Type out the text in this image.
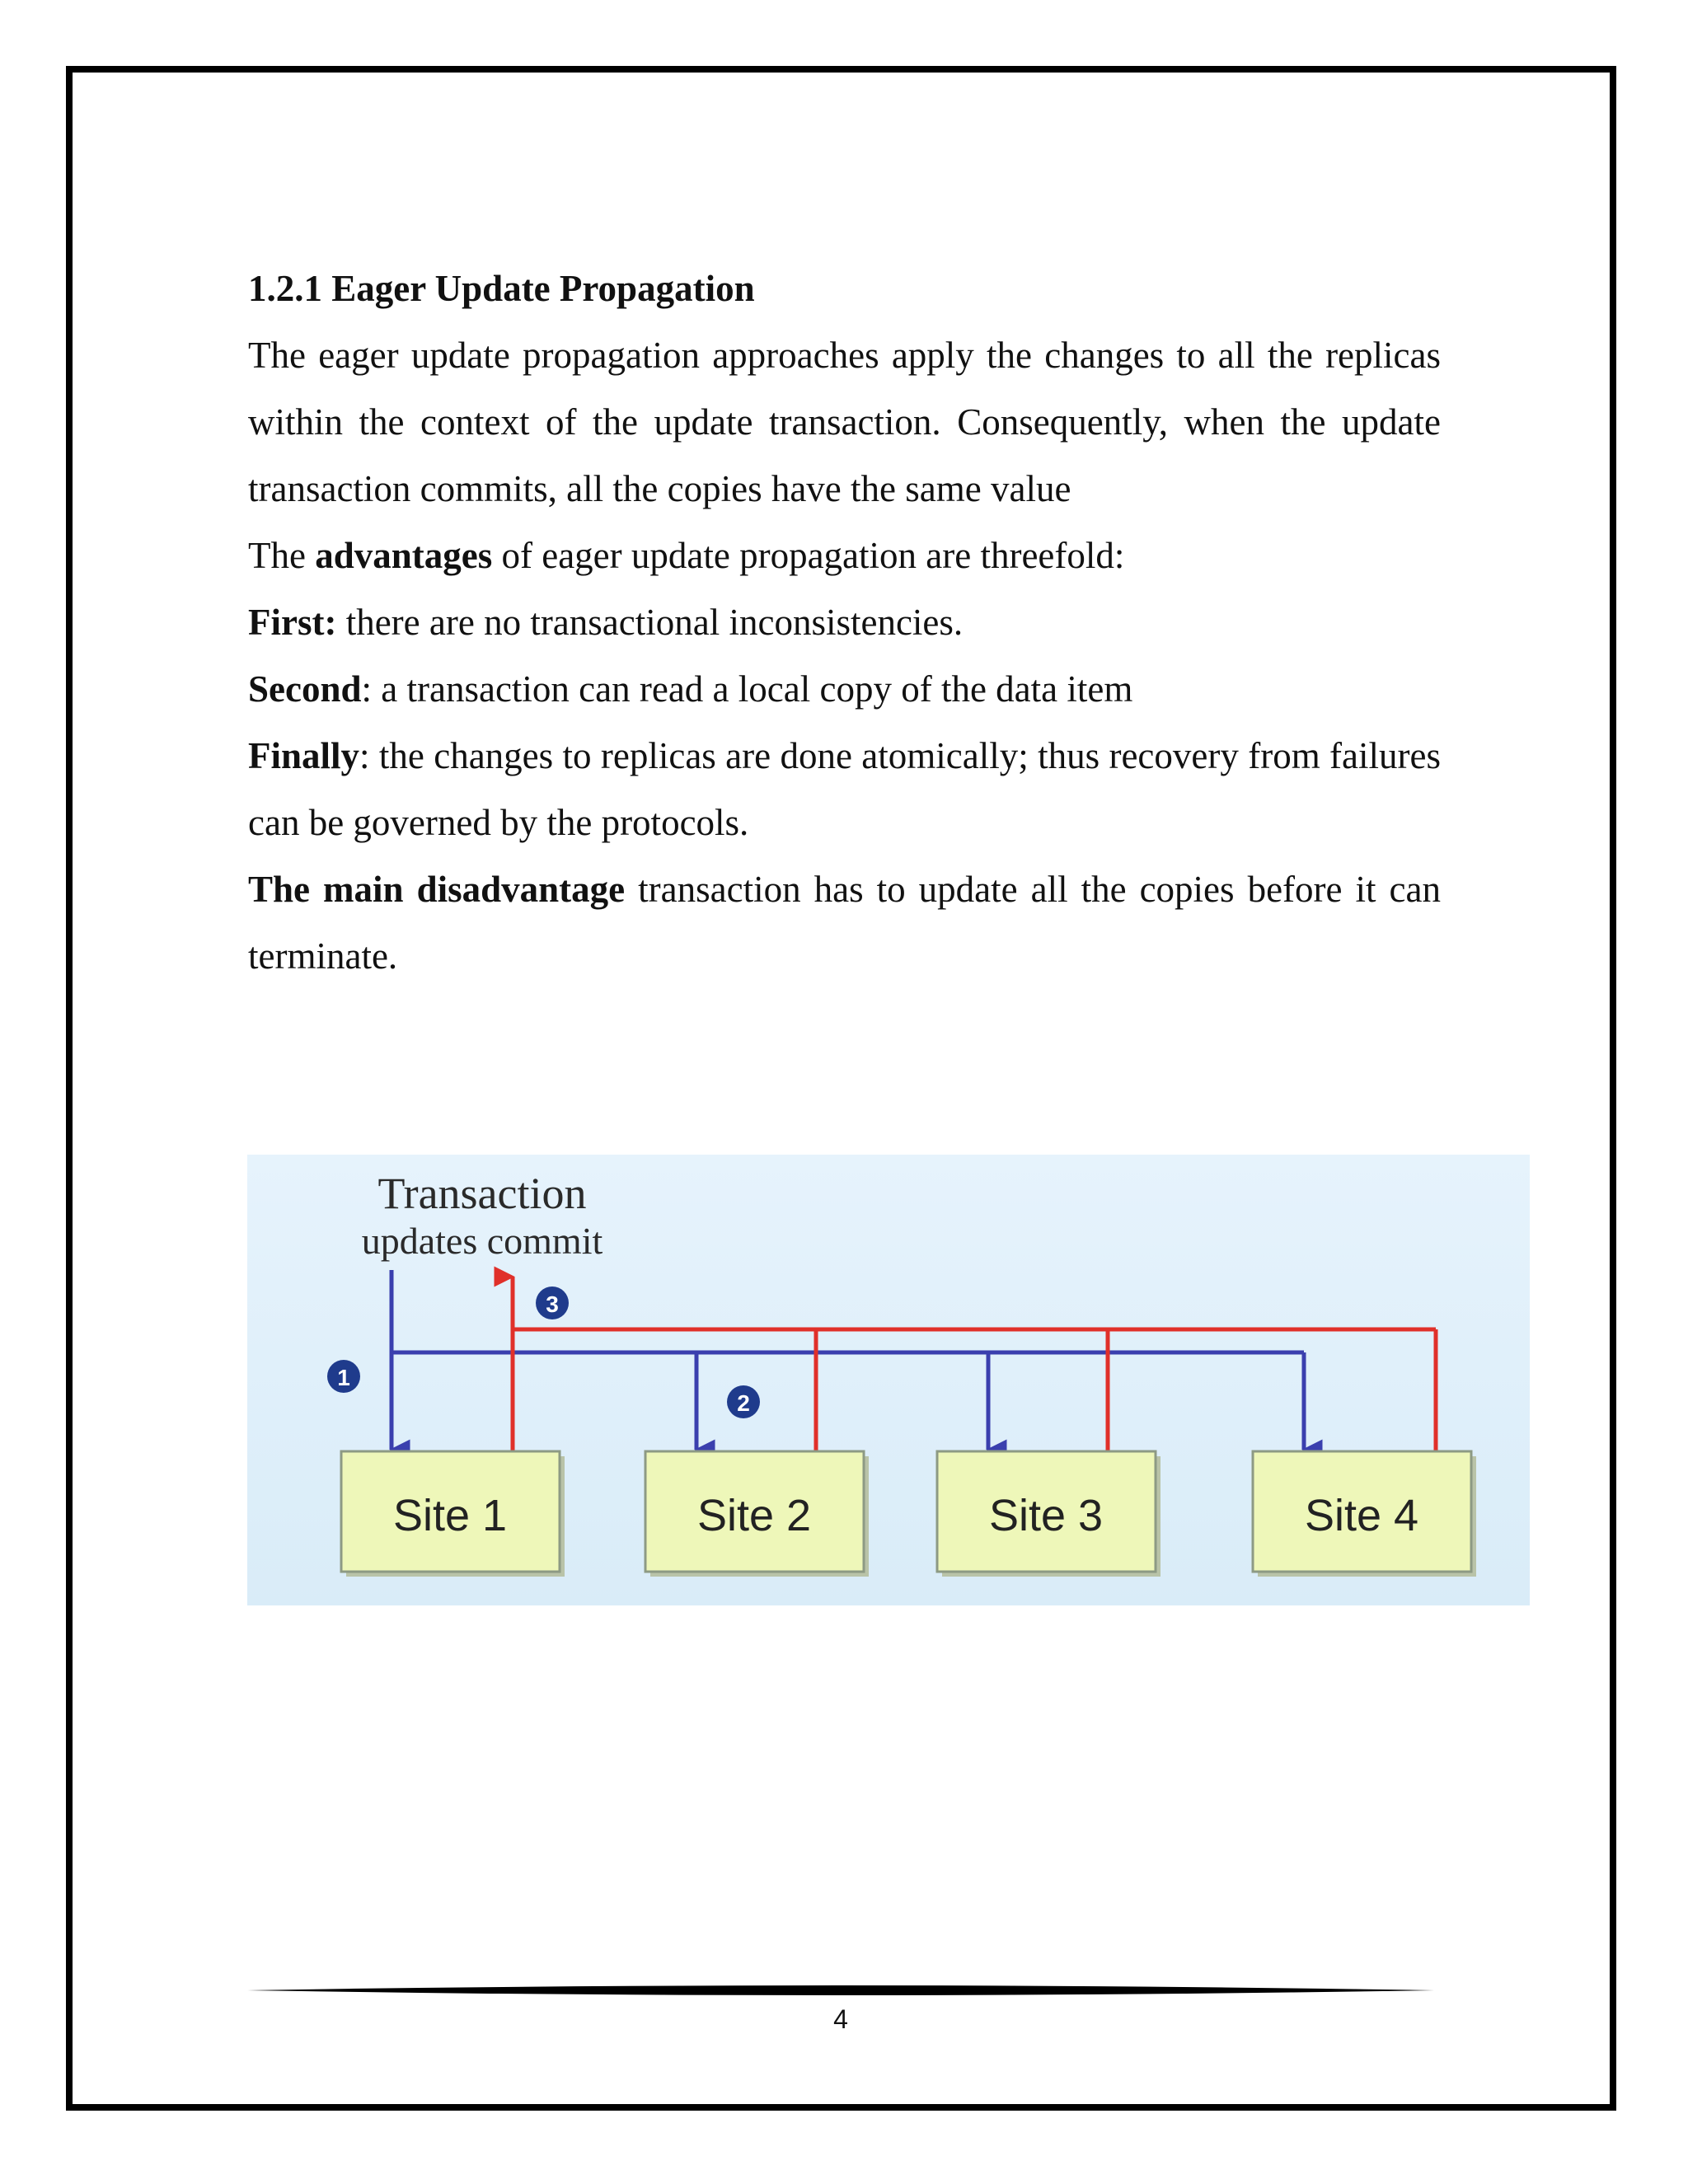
1.2.1 Eager Update Propagation

The eager update propagation approaches apply the changes to all the replicas within the context of the update transaction. Consequently, when the update transaction commits, all the copies have the same value

The advantages of eager update propagation are threefold:

First: there are no transactional inconsistencies.

Second: a transaction can read a local copy of the data item

Finally: the changes to replicas are done atomically; thus recovery from failures can be governed by the protocols.

The main disadvantage transaction has to update all the copies before it can terminate.

Transaction
updates commit
1
2
3
Site 1	Site 2	Site 3	Site 4
4
